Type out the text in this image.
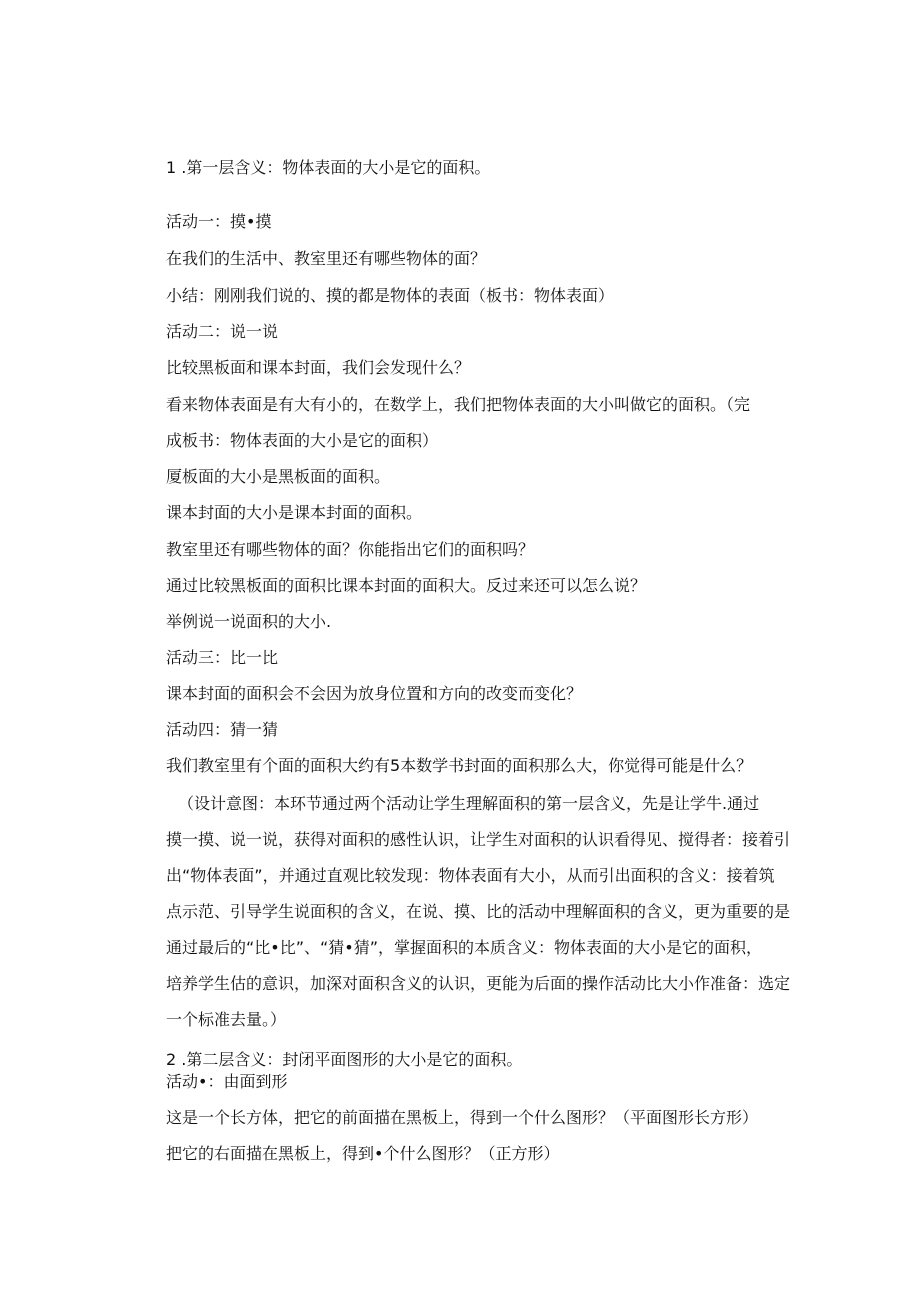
1 .第一层含义：物体表面的大小是它的面积。

活动一：摸•摸

在我们的生活中、教室里还有哪些物体的面？

小结：刚刚我们说的、摸的都是物体的表面（板书：物体表面）

活动二：说一说

比较黑板面和课本封面，我们会发现什么？

看来物体表面是有大有小的，在数学上，我们把物体表面的大小叫做它的面积。（完

成板书：物体表面的大小是它的面积）

厦板面的大小是黑板面的面积。

课本封面的大小是课本封面的面积。

教室里还有哪些物体的面？你能指出它们的面积吗？

通过比较黑板面的面积比课本封面的面积大。反过来还可以怎么说？

举例说一说面积的大小.

活动三：比一比

课本封面的面积会不会因为放身位置和方向的改变而变化？

活动四：猜一猜

我们教室里有个面的面积大约有5本数学书封面的面积那么大，你觉得可能是什么？

（设计意图：本环节通过两个活动让学生理解面积的第一层含义，先是让学牛.通过

摸一摸、说一说，获得对面积的感性认识，让学生对面积的认识看得见、搅得者：接着引

出“物体表面”，并通过直观比较发现：物体表面有大小，从而引出面积的含义：接着筑

点示范、引导学生说面积的含义，在说、摸、比的活动中理解面积的含义，更为重要的是

通过最后的“比•比”、“猜•猜”，掌握面积的本质含义：物体表面的大小是它的面积，

培养学生估的意识，加深对面积含义的认识，更能为后面的操作活动比大小作准备：选定

一个标准去量。）

2 .第二层含义：封闭平面图形的大小是它的面积。

活动•：由面到形

这是一个长方体，把它的前面描在黑板上，得到一个什么图形？（平面图形长方形）

把它的右面描在黑板上，得到•个什么图形？（正方形）
